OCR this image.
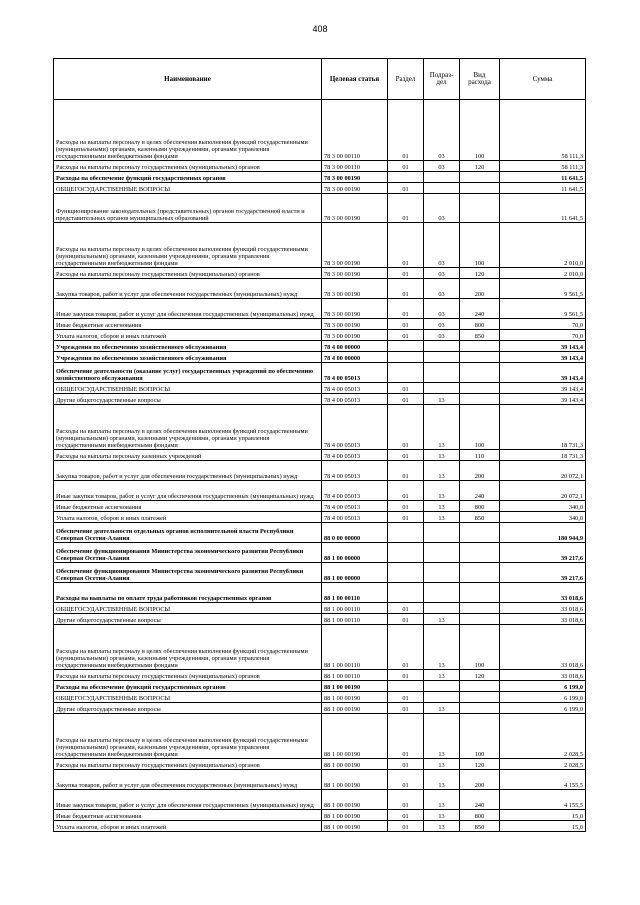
408
Наименование	Целевая статья	Раздел	Подраз-дел	Вид расхода	Сумма
Расходы на выплаты персоналу в целях обеспечения выполнения функций государственными (муниципальными) органами, казенными учреждениями, органами управления государственными внебюджетными фондами	78 3 00 00110	01	03	100	58 111,3
Расходы на выплаты персоналу государственных (муниципальных) органов	78 3 00 00110	01	03	120	58 111,3
Расходы на обеспечение функций государственных органов	78 3 00 00190				11 641,5
ОБЩЕГОСУДАРСТВЕННЫЕ ВОПРОСЫ	78 3 00 00190	01			11 641,5
Функционирование законодательных (представительных) органов государственной власти и представительных органов муниципальных образований	78 3 00 00190	01	03		11 641,5
Расходы на выплаты персоналу в целях обеспечения выполнения функций государственными (муниципальными) органами, казенными учреждениями, органами управления государственными внебюджетными фондами	78 3 00 00190	01	03	100	2 010,0
Расходы на выплаты персоналу государственных (муниципальных) органов	78 3 00 00190	01	03	120	2 010,0
Закупка товаров, работ и услуг для обеспечения государственных (муниципальных) нужд	78 3 00 00190	01	03	200	9 561,5
Иные закупки товаров, работ и услуг для обеспечения государственных (муниципальных) нужд	78 3 00 00190	01	03	240	9 561,5
Иные бюджетные ассигнования	78 3 00 00190	01	03	800	70,0
Уплата налогов, сборов и иных платежей	78 3 00 00190	01	03	850	70,0
Учреждения по обеспечению хозяйственного обслуживания	78 4 00 00000				39 143,4
Учреждения по обеспечению хозяйственного обслуживания	78 4 00 00000				39 143,4
Обеспечение деятельности (оказание услуг) государственных учреждений по обеспечению хозяйственного обслуживания	78 4 00 05013				39 143,4
ОБЩЕГОСУДАРСТВЕННЫЕ ВОПРОСЫ	78 4 00 05013	01			39 143,4
Другие общегосударственные вопросы	78 4 00 05013	01	13		39 143,4
Расходы на выплаты персоналу в целях обеспечения выполнения функций государственными (муниципальными) органами, казенными учреждениями, органами управления государственными внебюджетными фондами	78 4 00 05013	01	13	100	18 731,3
Расходы на выплаты персоналу казенных учреждений	78 4 00 05013	01	13	110	18 731,3
Закупка товаров, работ и услуг для обеспечения государственных (муниципальных) нужд	78 4 00 05013	01	13	200	20 072,1
Иные закупки товаров, работ и услуг для обеспечения государственных (муниципальных) нужд	78 4 00 05013	01	13	240	20 072,1
Иные бюджетные ассигнования	78 4 00 05013	01	13	800	340,0
Уплата налогов, сборов и иных платежей	78 4 00 05013	01	13	850	340,0
Обеспечение деятельности отдельных органов исполнительной власти Республики Северная Осетия-Алания	88 0 00 00000				180 944,9
Обеспечение функционирования Министерства экономического развития Республики Северная Осетия-Алания	88 1 00 00000				39 217,6
Обеспечение функционирования Министерства экономического развития Республики Северная Осетия-Алания	88 1 00 00000				39 217,6
Расходы на выплаты по оплате труда работников государственных органов	88 1 00 00110				33 018,6
ОБЩЕГОСУДАРСТВЕННЫЕ ВОПРОСЫ	88 1 00 00110	01			33 018,6
Другие общегосударственные вопросы	88 1 00 00110	01	13		33 018,6
Расходы на выплаты персоналу в целях обеспечения выполнения функций государственными (муниципальными) органами, казенными учреждениями, органами управления государственными внебюджетными фондами	88 1 00 00110	01	13	100	33 018,6
Расходы на выплаты персоналу государственных (муниципальных) органов	88 1 00 00110	01	13	120	33 018,6
Расходы на обеспечение функций государственных органов	88 1 00 00190				6 199,0
ОБЩЕГОСУДАРСТВЕННЫЕ ВОПРОСЫ	88 1 00 00190	01			6 199,0
Другие общегосударственные вопросы	88 1 00 00190	01	13		6 199,0
Расходы на выплаты персоналу в целях обеспечения выполнения функций государственными (муниципальными) органами, казенными учреждениями, органами управления государственными внебюджетными фондами	88 1 00 00190	01	13	100	2 028,5
Расходы на выплаты персоналу государственных (муниципальных) органов	88 1 00 00190	01	13	120	2 028,5
Закупка товаров, работ и услуг для обеспечения государственных (муниципальных) нужд	88 1 00 00190	01	13	200	4 155,5
Иные закупки товаров, работ и услуг для обеспечения государственных (муниципальных) нужд	88 1 00 00190	01	13	240	4 155,5
Иные бюджетные ассигнования	88 1 00 00190	01	13	800	15,0
Уплата налогов, сборов и иных платежей	88 1 00 00190	01	13	850	15,0
